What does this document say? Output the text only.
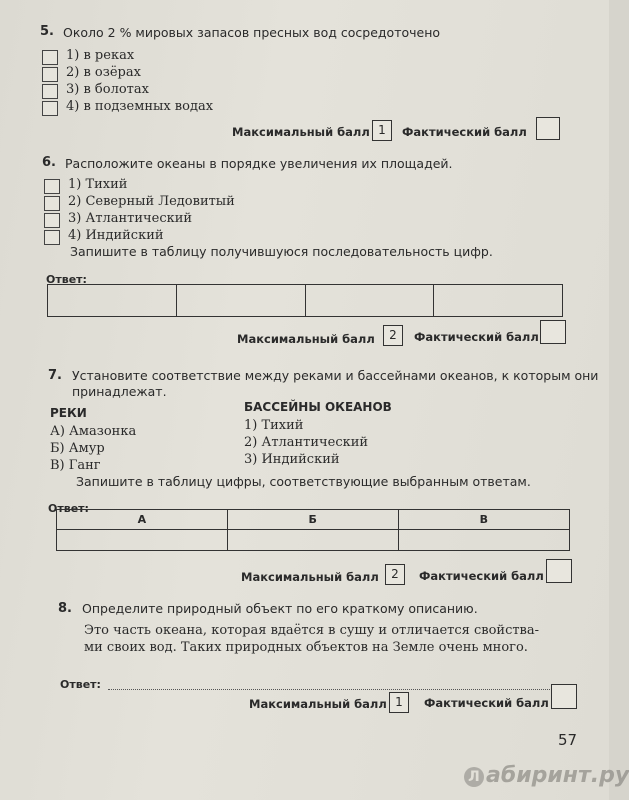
5. Около 2 % мировых запасов пресных вод сосредоточено
1) в реках
2) в озёрах
3) в болотах
4) в подземных водах
Максимальный балл 1	Фактический балл
6. Расположите океаны в порядке увеличения их площадей.
1) Тихий
2) Северный Ледовитый
3) Атлантический
4) Индийский
Запишите в таблицу получившуюся последовательность цифр.
Ответ:

Максимальный балл	2	Фактический балл
7. Установите соответствие между реками и бассейнами океанов, к которым они
принадлежат.
РЕКИ
А) Амазонка
Б) Амур
В) Ганг
БАССЕЙНЫ ОКЕАНОВ
1) Тихий
2) Атлантический
3) Индийский
Запишите в таблицу цифры, соответствующие выбранным ответам.
Ответ:
А	Б	В

Максимальный балл	2	Фактический балл
8. Определите природный объект по его краткому описанию.
Это часть океана, которая вдаётся в сушу и отличается свойства-
ми своих вод. Таких природных объектов на Земле очень много.
Ответ:
Максимальный балл 1	Фактический балл
57
Л абиринт.ру
